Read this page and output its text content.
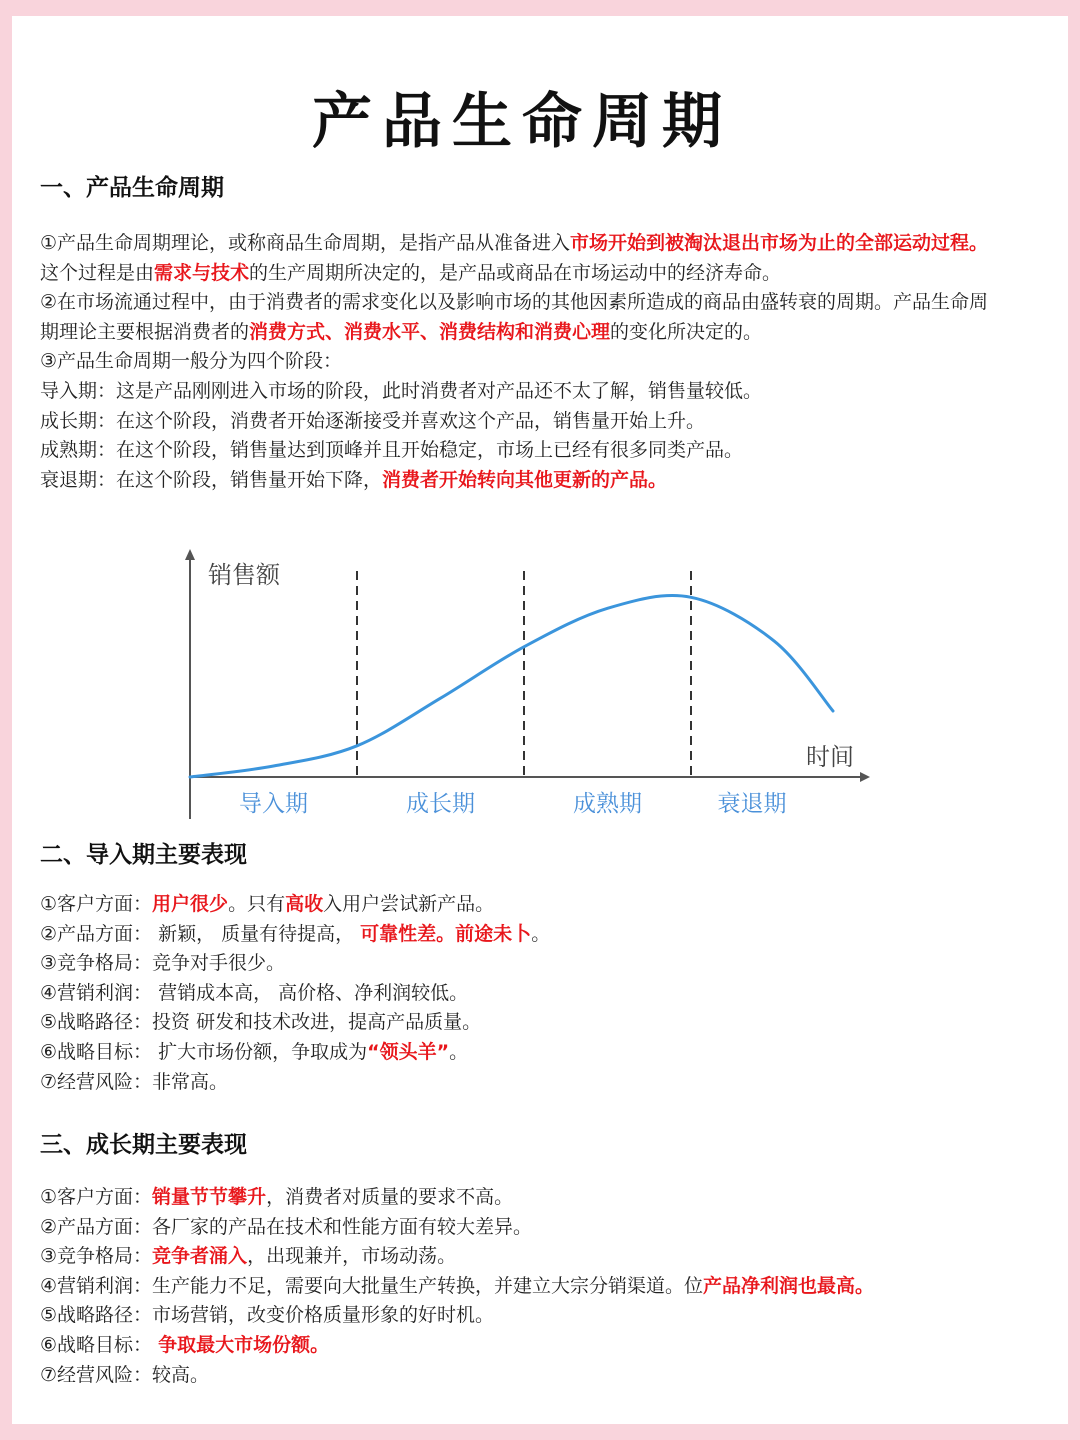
产品生命周期
一、产品生命周期
①产品生命周期理论，或称商品生命周期，是指产品从准备进入市场开始到被淘汰退出市场为止的全部运动过程。这个过程是由需求与技术的生产周期所决定的，是产品或商品在市场运动中的经济寿命。
②在市场流通过程中，由于消费者的需求变化以及影响市场的其他因素所造成的商品由盛转衰的周期。产品生命周期理论主要根据消费者的消费方式、消费水平、消费结构和消费心理的变化所决定的。
③产品生命周期一般分为四个阶段：
导入期：这是产品刚刚进入市场的阶段，此时消费者对产品还不太了解，销售量较低。
成长期：在这个阶段，消费者开始逐渐接受并喜欢这个产品，销售量开始上升。
成熟期：在这个阶段，销售量达到顶峰并且开始稳定，市场上已经有很多同类产品。
衰退期：在这个阶段，销售量开始下降，消费者开始转向其他更新的产品。
销售额
时间
导入期	成长期	成熟期	衰退期
二、导入期主要表现
①客户方面：用户很少。只有高收入用户尝试新产品。
②产品方面： 新颖， 质量有待提高， 可靠性差。前途未卜。
③竞争格局：竞争对手很少。
④营销利润： 营销成本高， 高价格、净利润较低。
⑤战略路径：投资 研发和技术改进，提高产品质量。
⑥战略目标： 扩大市场份额，争取成为“领头羊”。
⑦经营风险：非常高。
三、成长期主要表现
①客户方面：销量节节攀升，消费者对质量的要求不高。
②产品方面：各厂家的产品在技术和性能方面有较大差异。
③竞争格局：竞争者涌入，出现兼并，市场动荡。
④营销利润：生产能力不足，需要向大批量生产转换，并建立大宗分销渠道。位产品净利润也最高。
⑤战略路径：市场营销，改变价格质量形象的好时机。
⑥战略目标： 争取最大市场份额。
⑦经营风险：较高。
